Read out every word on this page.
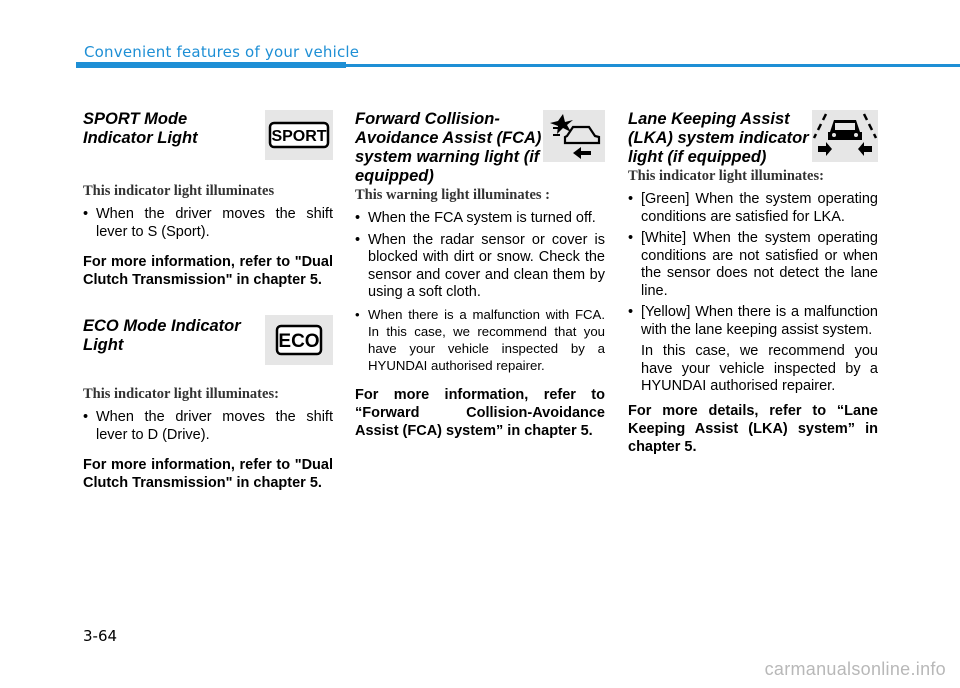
Convenient features of your vehicle

SPORT Mode Indicator Light	SPORT

This indicator light illuminates

• When the driver moves the shift lever to S (Sport).

For more information, refer to "Dual Clutch Transmission" in chapter 5.

ECO Mode Indicator Light	ECO

This indicator light illuminates:

• When the driver moves the shift lever to D (Drive).

For more information, refer to "Dual Clutch Transmission" in chapter 5.

Forward Collision-Avoidance Assist (FCA) system warning light (if equipped)

This warning light illuminates :

• When the FCA system is turned off.
• When the radar sensor or cover is blocked with dirt or snow. Check the sensor and cover and clean them by using a soft cloth.
• When there is a malfunction with FCA. In this case, we recommend that you have your vehicle inspected by a HYUNDAI authorised repairer.

For more information, refer to “Forward Collision-Avoidance Assist (FCA) system” in chapter 5.

Lane Keeping Assist (LKA) system indicator light (if equipped)

This indicator light illuminates:

• [Green] When the system operating conditions are satisfied for LKA.
• [White] When the system operating conditions are not satisfied or when the sensor does not detect the lane line.
• [Yellow] When there is a malfunction with the lane keeping assist system.

In this case, we recommend you have your vehicle inspected by a HYUNDAI authorised repairer.

For more details, refer to “Lane Keeping Assist (LKA) system” in chapter 5.

3-64
carmanualsonline.info
